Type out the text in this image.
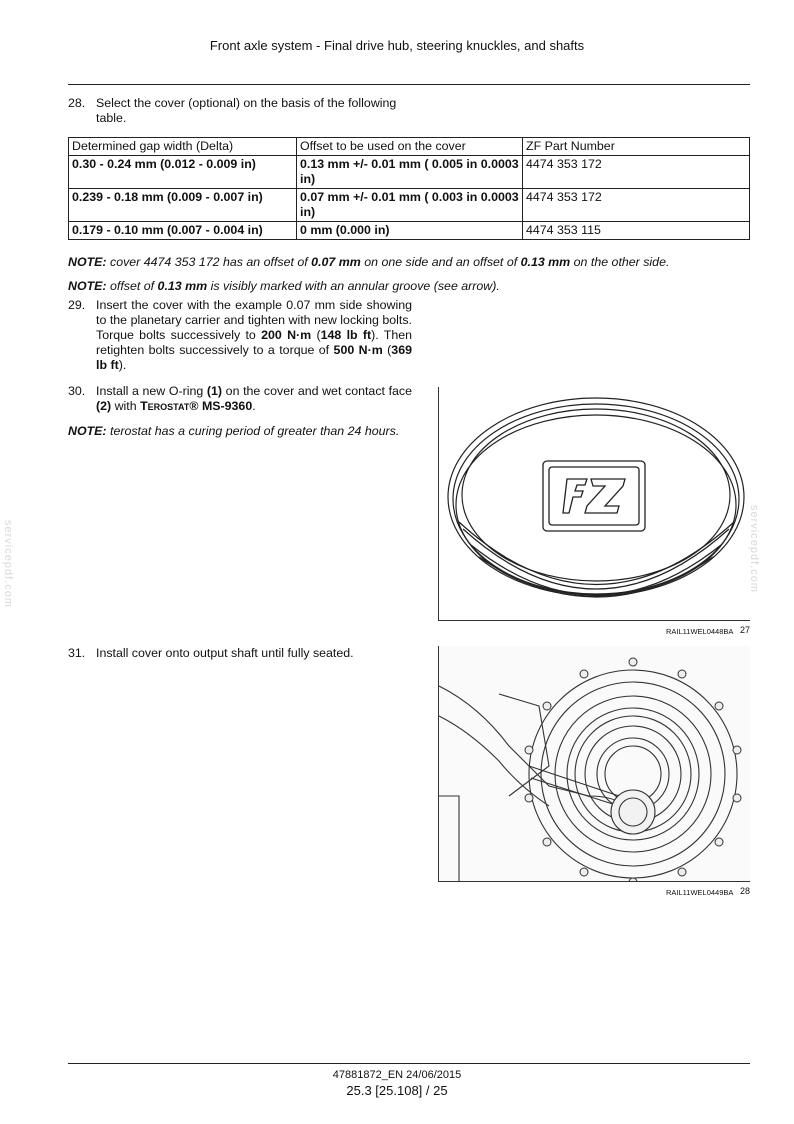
Front axle system - Final drive hub, steering knuckles, and shafts
28. Select the cover (optional) on the basis of the following table.
Determined gap width (Delta)	Offset to be used on the cover	ZF Part Number
0.30 - 0.24 mm (0.012 - 0.009 in)	0.13 mm +/- 0.01 mm ( 0.005 in 0.0003 in)	4474 353 172
0.239 - 0.18 mm (0.009 - 0.007 in)	0.07 mm +/- 0.01 mm ( 0.003 in 0.0003 in)	4474 353 172
0.179 - 0.10 mm (0.007 - 0.004 in)	0 mm (0.000 in)	4474 353 115
NOTE: cover 4474 353 172 has an offset of 0.07 mm on one side and an offset of 0.13 mm on the other side.
NOTE: offset of 0.13 mm is visibly marked with an annular groove (see arrow).
29. Insert the cover with the example 0.07 mm side showing to the planetary carrier and tighten with new locking bolts. Torque bolts successively to 200 N·m (148 lb ft). Then retighten bolts successively to a torque of 500 N·m (369 lb ft).
30. Install a new O-ring (1) on the cover and wet contact face (2) with Terostat® MS-9360.
NOTE: terostat has a curing period of greater than 24 hours.
RAIL11WEL0448BA 27
31. Install cover onto output shaft until fully seated.
RAIL11WEL0449BA 28
servicepdf.com	servicepdf.com
47881872_EN 24/06/2015
25.3 [25.108] / 25
